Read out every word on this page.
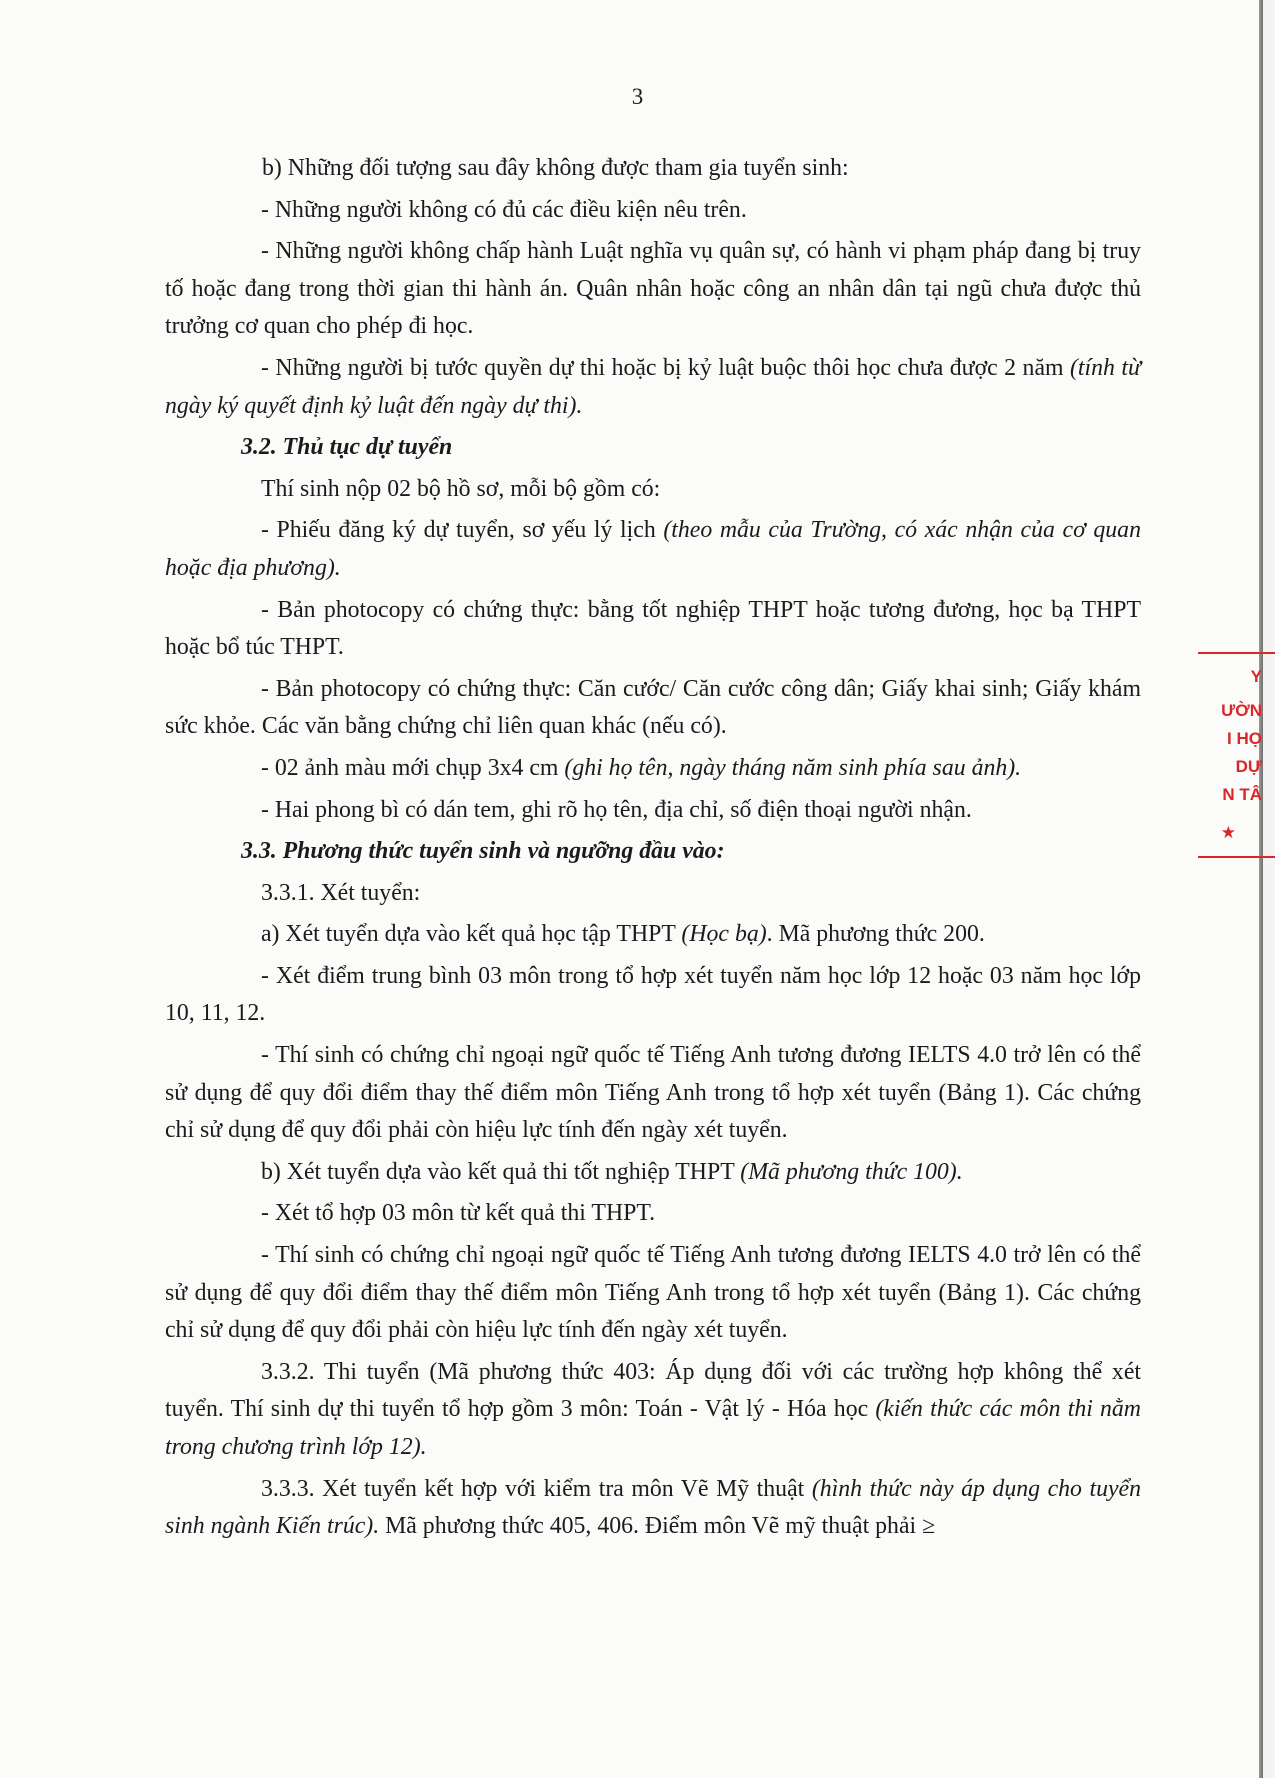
3

b) Những đối tượng sau đây không được tham gia tuyển sinh:

- Những người không có đủ các điều kiện nêu trên.

- Những người không chấp hành Luật nghĩa vụ quân sự, có hành vi phạm pháp đang bị truy tố hoặc đang trong thời gian thi hành án. Quân nhân hoặc công an nhân dân tại ngũ chưa được thủ trưởng cơ quan cho phép đi học.

- Những người bị tước quyền dự thi hoặc bị kỷ luật buộc thôi học chưa được 2 năm (tính từ ngày ký quyết định kỷ luật đến ngày dự thi).

3.2. Thủ tục dự tuyển

Thí sinh nộp 02 bộ hồ sơ, mỗi bộ gồm có:

- Phiếu đăng ký dự tuyển, sơ yếu lý lịch (theo mẫu của Trường, có xác nhận của cơ quan hoặc địa phương).

- Bản photocopy có chứng thực: bằng tốt nghiệp THPT hoặc tương đương, học bạ THPT hoặc bổ túc THPT.

- Bản photocopy có chứng thực: Căn cước/ Căn cước công dân; Giấy khai sinh; Giấy khám sức khỏe. Các văn bằng chứng chỉ liên quan khác (nếu có).

- 02 ảnh màu mới chụp 3x4 cm (ghi họ tên, ngày tháng năm sinh phía sau ảnh).

- Hai phong bì có dán tem, ghi rõ họ tên, địa chỉ, số điện thoại người nhận.

3.3. Phương thức tuyển sinh và ngưỡng đầu vào:

3.3.1. Xét tuyển:

a) Xét tuyển dựa vào kết quả học tập THPT (Học bạ). Mã phương thức 200.

- Xét điểm trung bình 03 môn trong tổ hợp xét tuyển năm học lớp 12 hoặc 03 năm học lớp 10, 11, 12.

- Thí sinh có chứng chỉ ngoại ngữ quốc tế Tiếng Anh tương đương IELTS 4.0 trở lên có thể sử dụng để quy đổi điểm thay thế điểm môn Tiếng Anh trong tổ hợp xét tuyển (Bảng 1). Các chứng chỉ sử dụng để quy đổi phải còn hiệu lực tính đến ngày xét tuyển.

b) Xét tuyển dựa vào kết quả thi tốt nghiệp THPT (Mã phương thức 100).

- Xét tổ hợp 03 môn từ kết quả thi THPT.

- Thí sinh có chứng chỉ ngoại ngữ quốc tế Tiếng Anh tương đương IELTS 4.0 trở lên có thể sử dụng để quy đổi điểm thay thế điểm môn Tiếng Anh trong tổ hợp xét tuyển (Bảng 1). Các chứng chỉ sử dụng để quy đổi phải còn hiệu lực tính đến ngày xét tuyển.

3.3.2. Thi tuyển (Mã phương thức 403: Áp dụng đối với các trường hợp không thể xét tuyển. Thí sinh dự thi tuyển tổ hợp gồm 3 môn: Toán - Vật lý - Hóa học (kiến thức các môn thi nằm trong chương trình lớp 12).

3.3.3. Xét tuyển kết hợp với kiểm tra môn Vẽ Mỹ thuật (hình thức này áp dụng cho tuyển sinh ngành Kiến trúc). Mã phương thức 405, 406. Điểm môn Vẽ mỹ thuật phải ≥

Y
ƯỜN
I HỌ
DỰ
N TÂ
★
